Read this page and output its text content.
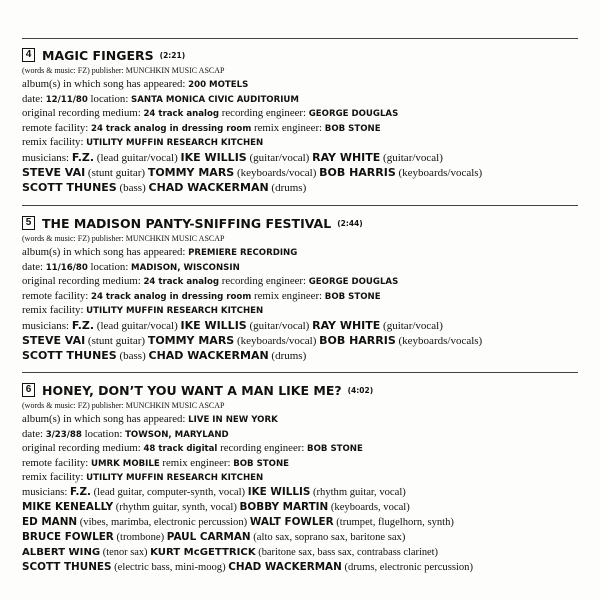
4 MAGIC FINGERS (2:21)
(words & music: FZ) publisher: MUNCHKIN MUSIC ASCAP
album(s) in which song has appeared: 200 MOTELS
date: 12/11/80 location: SANTA MONICA CIVIC AUDITORIUM
original recording medium: 24 track analog recording engineer: GEORGE DOUGLAS
remote facility: 24 track analog in dressing room remix engineer: BOB STONE
remix facility: UTILITY MUFFIN RESEARCH KITCHEN
musicians: F.Z. (lead guitar/vocal) IKE WILLIS (guitar/vocal) RAY WHITE (guitar/vocal)
STEVE VAI (stunt guitar) TOMMY MARS (keyboards/vocal) BOB HARRIS (keyboards/vocals)
SCOTT THUNES (bass) CHAD WACKERMAN (drums)
5 THE MADISON PANTY-SNIFFING FESTIVAL (2:44)
(words & music: FZ) publisher: MUNCHKIN MUSIC ASCAP
album(s) in which song has appeared: PREMIERE RECORDING
date: 11/16/80 location: MADISON, WISCONSIN
original recording medium: 24 track analog recording engineer: GEORGE DOUGLAS
remote facility: 24 track analog in dressing room remix engineer: BOB STONE
remix facility: UTILITY MUFFIN RESEARCH KITCHEN
musicians: F.Z. (lead guitar/vocal) IKE WILLIS (guitar/vocal) RAY WHITE (guitar/vocal)
STEVE VAI (stunt guitar) TOMMY MARS (keyboards/vocal) BOB HARRIS (keyboards/vocals)
SCOTT THUNES (bass) CHAD WACKERMAN (drums)
6 HONEY, DON’T YOU WANT A MAN LIKE ME? (4:02)
(words & music: FZ) publisher: MUNCHKIN MUSIC ASCAP
album(s) in which song has appeared: LIVE IN NEW YORK
date: 3/23/88 location: TOWSON, MARYLAND
original recording medium: 48 track digital recording engineer: BOB STONE
remote facility: UMRK MOBILE remix engineer: BOB STONE
remix facility: UTILITY MUFFIN RESEARCH KITCHEN
musicians: F.Z. (lead guitar, computer-synth, vocal) IKE WILLIS (rhythm guitar, vocal)
MIKE KENEALLY (rhythm guitar, synth, vocal) BOBBY MARTIN (keyboards, vocal)
ED MANN (vibes, marimba, electronic percussion) WALT FOWLER (trumpet, flugelhorn, synth)
BRUCE FOWLER (trombone) PAUL CARMAN (alto sax, soprano sax, baritone sax)
ALBERT WING (tenor sax) KURT McGETTRICK (baritone sax, bass sax, contrabass clarinet)
SCOTT THUNES (electric bass, mini-moog) CHAD WACKERMAN (drums, electronic percussion)
